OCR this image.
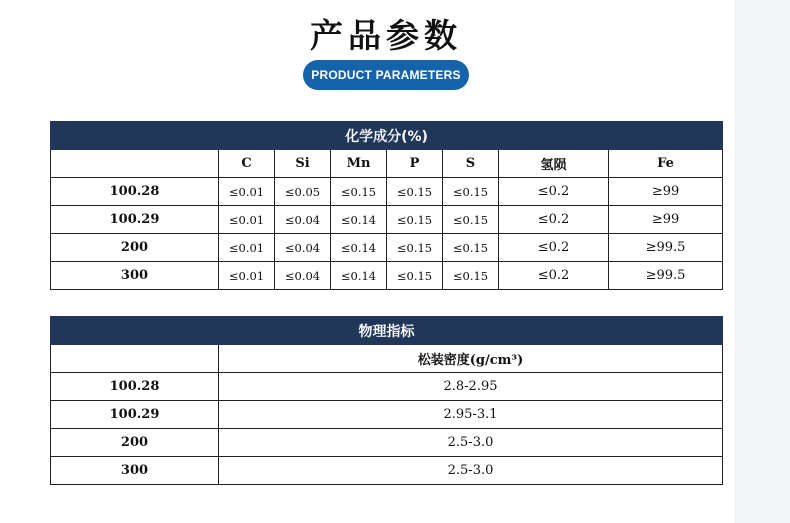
产品参数
PRODUCT PARAMETERS
化学成分(%)							
	C	Si	Mn	P	S	氢陨	Fe
100.28	≤0.01	≤0.05	≤0.15	≤0.15	≤0.15	≤0.2	≥99
100.29	≤0.01	≤0.04	≤0.14	≤0.15	≤0.15	≤0.2	≥99
200	≤0.01	≤0.04	≤0.14	≤0.15	≤0.15	≤0.2	≥99.5
300	≤0.01	≤0.04	≤0.14	≤0.15	≤0.15	≤0.2	≥99.5

物理指标	
	松装密度(g/cm³)
100.28	2.8-2.95
100.29	2.95-3.1
200	2.5-3.0
300	2.5-3.0
